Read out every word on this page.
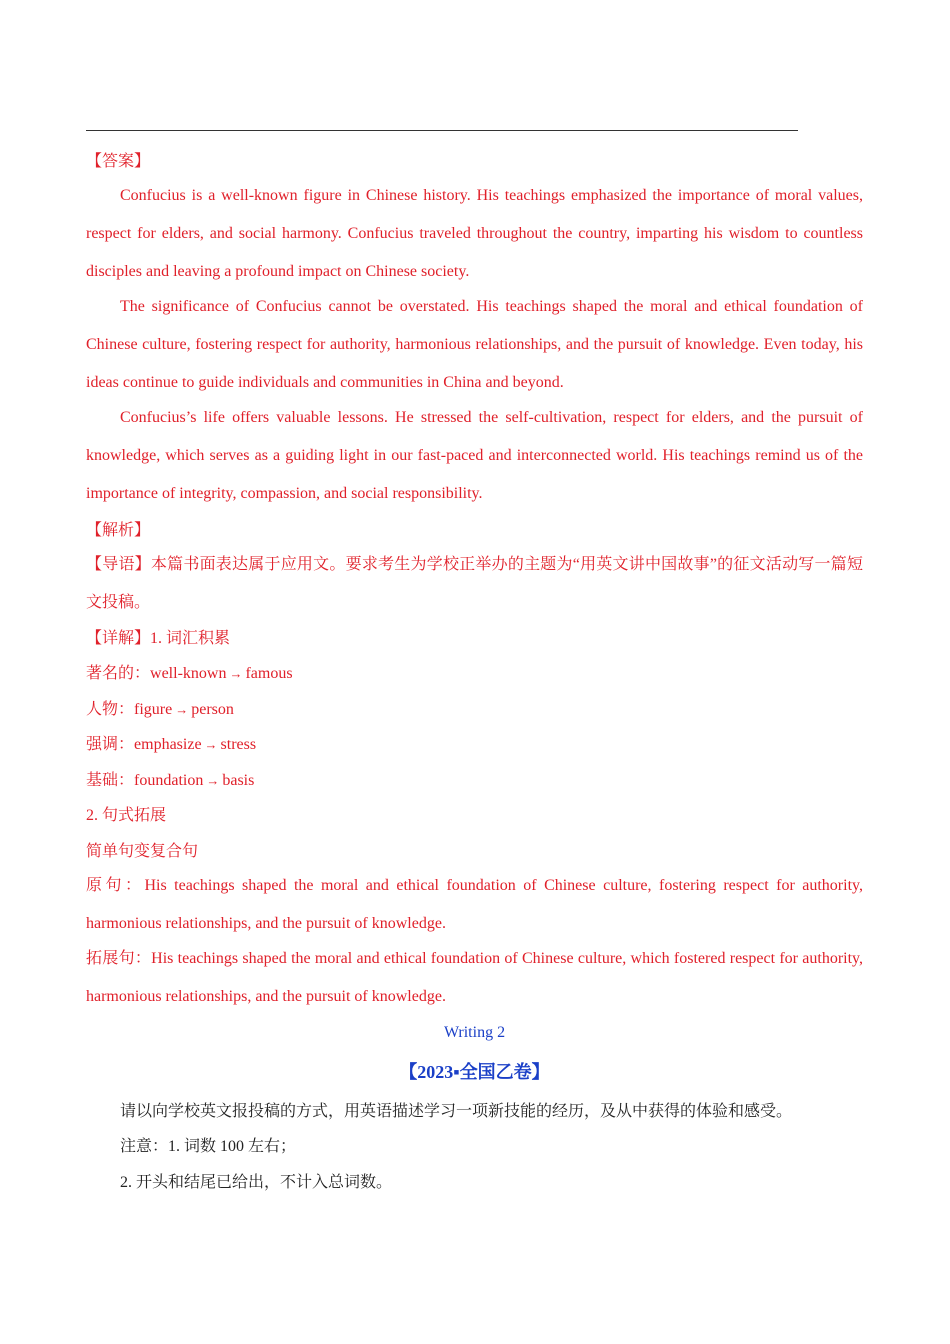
【答案】
Confucius is a well-known figure in Chinese history. His teachings emphasized the importance of moral values, respect for elders, and social harmony. Confucius traveled throughout the country, imparting his wisdom to countless disciples and leaving a profound impact on Chinese society.
The significance of Confucius cannot be overstated. His teachings shaped the moral and ethical foundation of Chinese culture, fostering respect for authority, harmonious relationships, and the pursuit of knowledge. Even today, his ideas continue to guide individuals and communities in China and beyond.
Confucius’s life offers valuable lessons. He stressed the self-cultivation, respect for elders, and the pursuit of knowledge, which serves as a guiding light in our fast-paced and interconnected world. His teachings remind us of the importance of integrity, compassion, and social responsibility.
【解析】
【导语】本篇书面表达属于应用文。要求考生为学校正举办的主题为“用英文讲中国故事”的征文活动写一篇短文投稿。
【详解】1. 词汇积累
著名的：well-known → famous
人物：figure → person
强调：emphasize → stress
基础：foundation → basis
2. 句式拓展
简单句变复合句
原句：His teachings shaped the moral and ethical foundation of Chinese culture, fostering respect for authority, harmonious relationships, and the pursuit of knowledge.
拓展句：His teachings shaped the moral and ethical foundation of Chinese culture, which fostered respect for authority, harmonious relationships, and the pursuit of knowledge.
Writing 2
【2023▪全国乙卷】
请以向学校英文报投稿的方式，用英语描述学习一项新技能的经历，及从中获得的体验和感受。
注意：1. 词数 100 左右；
2. 开头和结尾已给出，不计入总词数。
